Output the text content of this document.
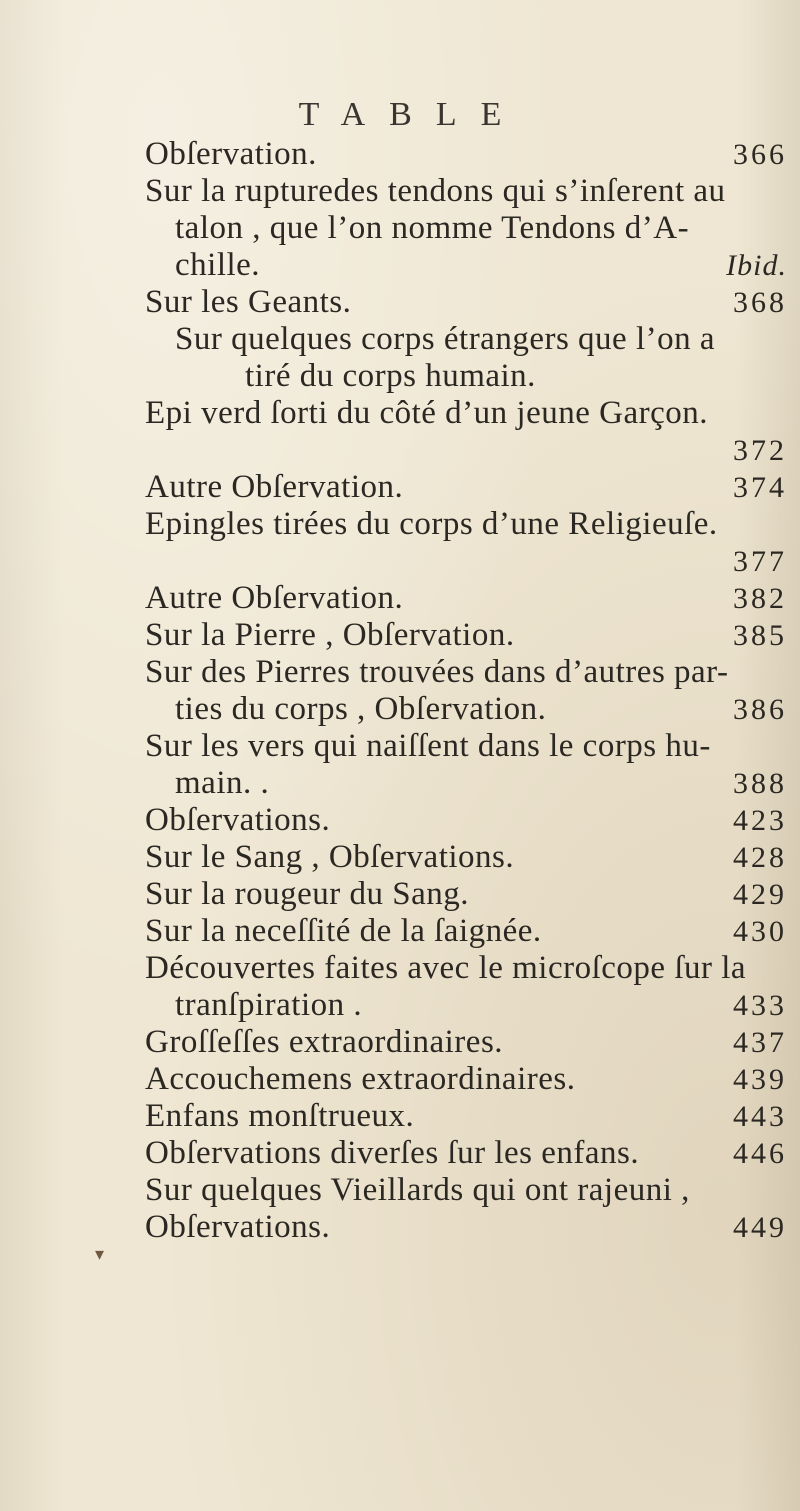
TABLE
Obſervation.	366
Sur la rupturedes tendons qui s’inſerent au
talon , que l’on nomme Tendons d’A-
chille.	Ibid.
Sur les Geants.	368
Sur quelques corps étrangers que l’on a
tiré du corps humain.
Epi verd ſorti du côté d’un jeune Garçon.
372
Autre Obſervation.	374
Epingles tirées du corps d’une Religieuſe.
377
Autre Obſervation.	382
Sur la Pierre , Obſervation.	385
Sur des Pierres trouvées dans d’autres par-
ties du corps , Obſervation.	386
Sur les vers qui naiſſent dans le corps hu-
main. .	388
Obſervations.	423
Sur le Sang , Obſervations.	428
Sur la rougeur du Sang.	429
Sur la neceſſité de la ſaignée.	430
Découvertes faites avec le microſcope ſur la
tranſpiration .	433
Groſſeſſes extraordinaires.	437
Accouchemens extraordinaires.	439
Enfans monſtrueux.	443
Obſervations diverſes ſur les enfans.	446
Sur quelques Vieillards qui ont rajeuni ,
Obſervations.	449
▾
